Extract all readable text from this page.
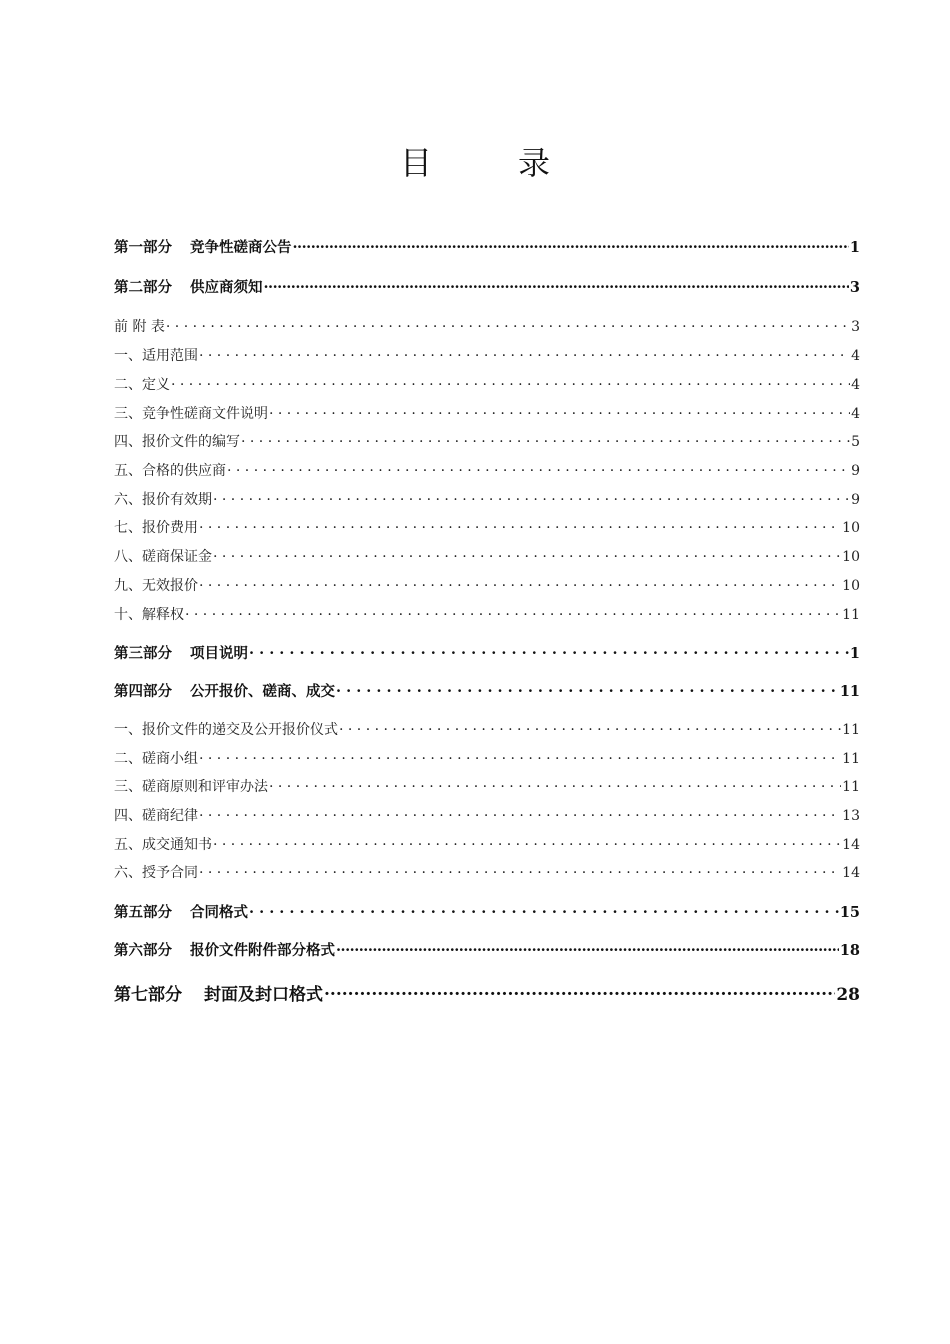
目	录
第一部分 竞争性磋商公告 .....	1
第二部分 供应商须知 .....	3
前 附 表 . . .	3
一、适用范围 . . .	4
二、定义 . . .	4
三、竞争性磋商文件说明 . . .	4
四、报价文件的编写 . . .	5
五、合格的供应商 . . .	9
六、报价有效期 . . .	9
七、报价费用 . . .	10
八、磋商保证金 . . .	10
九、无效报价 . . .	10
十、解释权 . . .	11
第三部分 项目说明 . . .	1
第四部分 公开报价、磋商、成交 . . .	11
一、报价文件的递交及公开报价仪式 . . .	11
二、磋商小组 . . .	11
三、磋商原则和评审办法 . . .	11
四、磋商纪律 . . .	13
五、成交通知书 . . .	14
六、授予合同 . . .	14
第五部分 合同格式 . . .	15
第六部分 报价文件附件部分格式 .....	18
第七部分 封面及封口格式 .....	28
